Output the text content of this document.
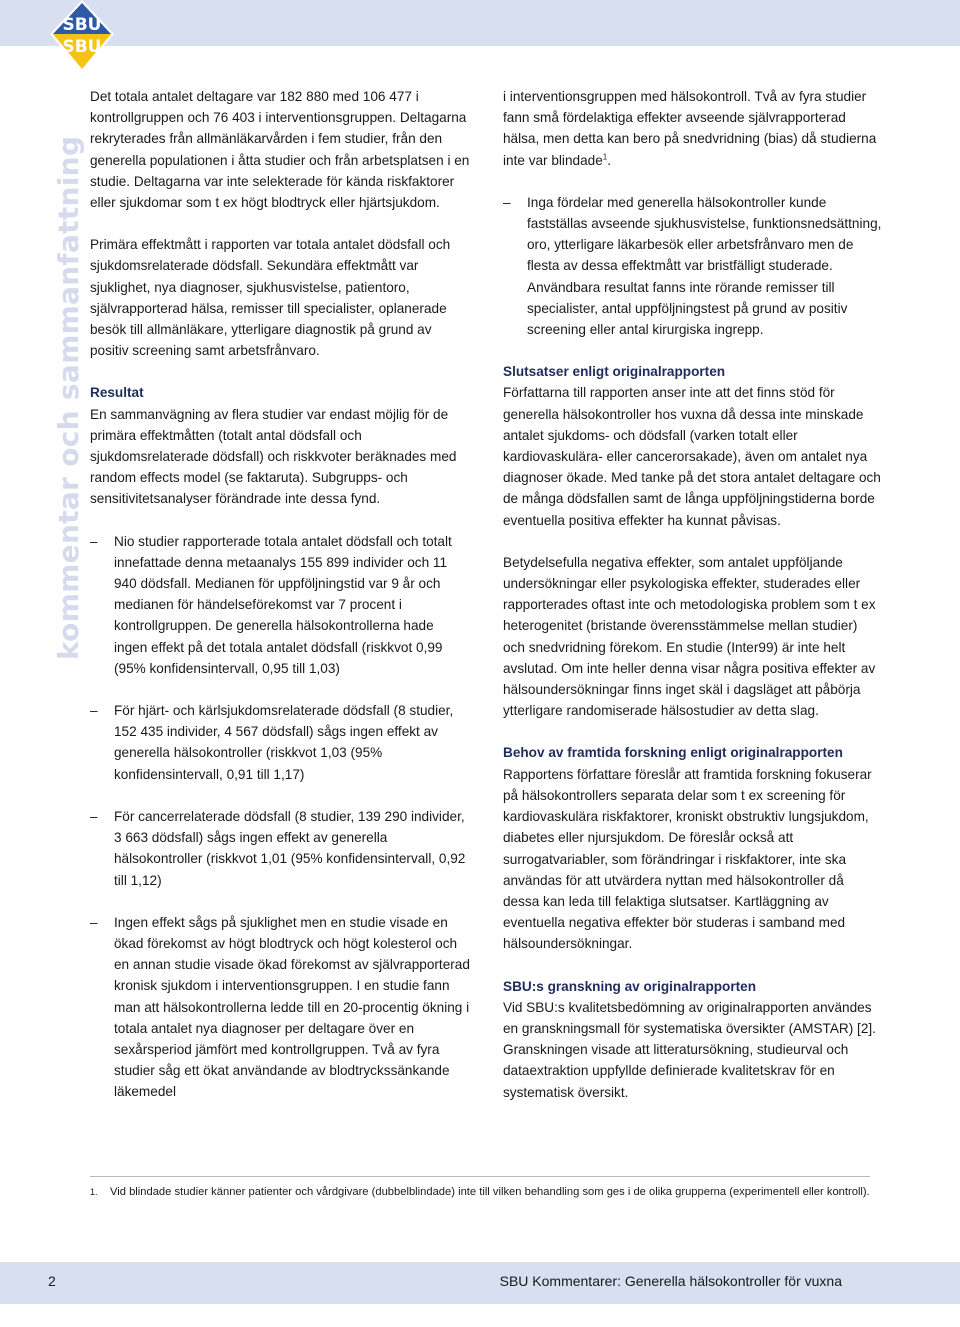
SBU
SBU
kommentar och sammanfattning

Det totala antalet deltagare var 182 880 med 106 477 i kontrollgruppen och 76 403 i interventionsgruppen. Deltagarna rekryterades från allmänläkarvården i fem studier, från den generella populationen i åtta studier och från arbetsplatsen i en studie. Deltagarna var inte selekterade för kända riskfaktorer eller sjukdomar som t ex högt blodtryck eller hjärtsjukdom.

Primära effektmått i rapporten var totala antalet dödsfall och sjukdomsrelaterade dödsfall. Sekundära effektmått var sjuklighet, nya diagnoser, sjukhusvistelse, patientoro, självrapporterad hälsa, remisser till specialister, oplanerade besök till allmänläkare, ytterligare diagnostik på grund av positiv screening samt arbetsfrånvaro.

Resultat

En sammanvägning av flera studier var endast möjlig för de primära effektmåtten (totalt antal dödsfall och sjukdomsrelaterade dödsfall) och riskkvoter beräknades med random effects model (se faktaruta). Subgrupps- och sensitivitetsanalyser förändrade inte dessa fynd.

– Nio studier rapporterade totala antalet dödsfall och totalt innefattade denna metaanalys 155 899 individer och 11 940 dödsfall. Medianen för uppföljningstid var 9 år och medianen för händelseförekomst var 7 procent i kontrollgruppen. De generella hälsokontrollerna hade ingen effekt på det totala antalet dödsfall (riskkvot 0,99 (95% konfidensintervall, 0,95 till 1,03)
– För hjärt- och kärlsjukdomsrelaterade dödsfall (8 studier, 152 435 individer, 4 567 dödsfall) sågs ingen effekt av generella hälsokontroller (riskkvot 1,03 (95% konfidensintervall, 0,91 till 1,17)
– För cancerrelaterade dödsfall (8 studier, 139 290 individer, 3 663 dödsfall) sågs ingen effekt av generella hälsokontroller (riskkvot 1,01 (95% konfidensintervall, 0,92 till 1,12)
– Ingen effekt sågs på sjuklighet men en studie visade en ökad förekomst av högt blodtryck och högt kolesterol och en annan studie visade ökad förekomst av självrapporterad kronisk sjukdom i interventionsgruppen. I en studie fann man att hälsokontrollerna ledde till en 20-procentig ökning i totala antalet nya diagnoser per deltagare över en sexårsperiod jämfört med kontrollgruppen. Två av fyra studier såg ett ökat användande av blodtryckssänkande läkemedel

i interventionsgruppen med hälsokontroll. Två av fyra studier fann små fördelaktiga effekter avseende självrapporterad hälsa, men detta kan bero på snedvridning (bias) då studierna inte var blindade$^1$.

– Inga fördelar med generella hälsokontroller kunde fastställas avseende sjukhusvistelse, funktionsnedsättning, oro, ytterligare läkarbesök eller arbetsfrånvaro men de flesta av dessa effektmått var bristfälligt studerade. Användbara resultat fanns inte rörande remisser till specialister, antal uppföljningstest på grund av positiv screening eller antal kirurgiska ingrepp.
Slutsatser enligt originalrapporten

Författarna till rapporten anser inte att det finns stöd för generella hälsokontroller hos vuxna då dessa inte minskade antalet sjukdoms- och dödsfall (varken totalt eller kardiovaskulära- eller cancerorsakade), även om antalet nya diagnoser ökade. Med tanke på det stora antalet deltagare och de många dödsfallen samt de långa uppföljningstiderna borde eventuella positiva effekter ha kunnat påvisas.

Betydelsefulla negativa effekter, som antalet uppföljande undersökningar eller psykologiska effekter, studerades eller rapporterades oftast inte och metodologiska problem som t ex heterogenitet (bristande överensstämmelse mellan studier) och snedvridning förekom. En studie (Inter99) är inte helt avslutad. Om inte heller denna visar några positiva effekter av hälsoundersökningar finns inget skäl i dagsläget att påbörja ytterligare randomiserade hälsostudier av detta slag.

Behov av framtida forskning enligt originalrapporten

Rapportens författare föreslår att framtida forskning fokuserar på hälsokontrollers separata delar som t ex screening för kardiovaskulära riskfaktorer, kroniskt obstruktiv lungsjukdom, diabetes eller njursjukdom. De föreslår också att surrogatvariabler, som förändringar i riskfaktorer, inte ska användas för att utvärdera nyttan med hälsokontroller då dessa kan leda till felaktiga slutsatser. Kartläggning av eventuella negativa effekter bör studeras i samband med hälsoundersökningar.

SBU:s granskning av originalrapporten

Vid SBU:s kvalitetsbedömning av originalrapporten användes en granskningsmall för systematiska översikter (AMSTAR) [2]. Granskningen visade att litteratursökning, studieurval och dataextraktion uppfyllde definierade kvalitetskrav för en systematisk översikt.

1.	Vid blindade studier känner patienter och vårdgivare (dubbelblindade) inte till vilken behandling som ges i de olika grupperna (experimentell eller kontroll).
2	SBU Kommentarer: Generella hälsokontroller för vuxna
